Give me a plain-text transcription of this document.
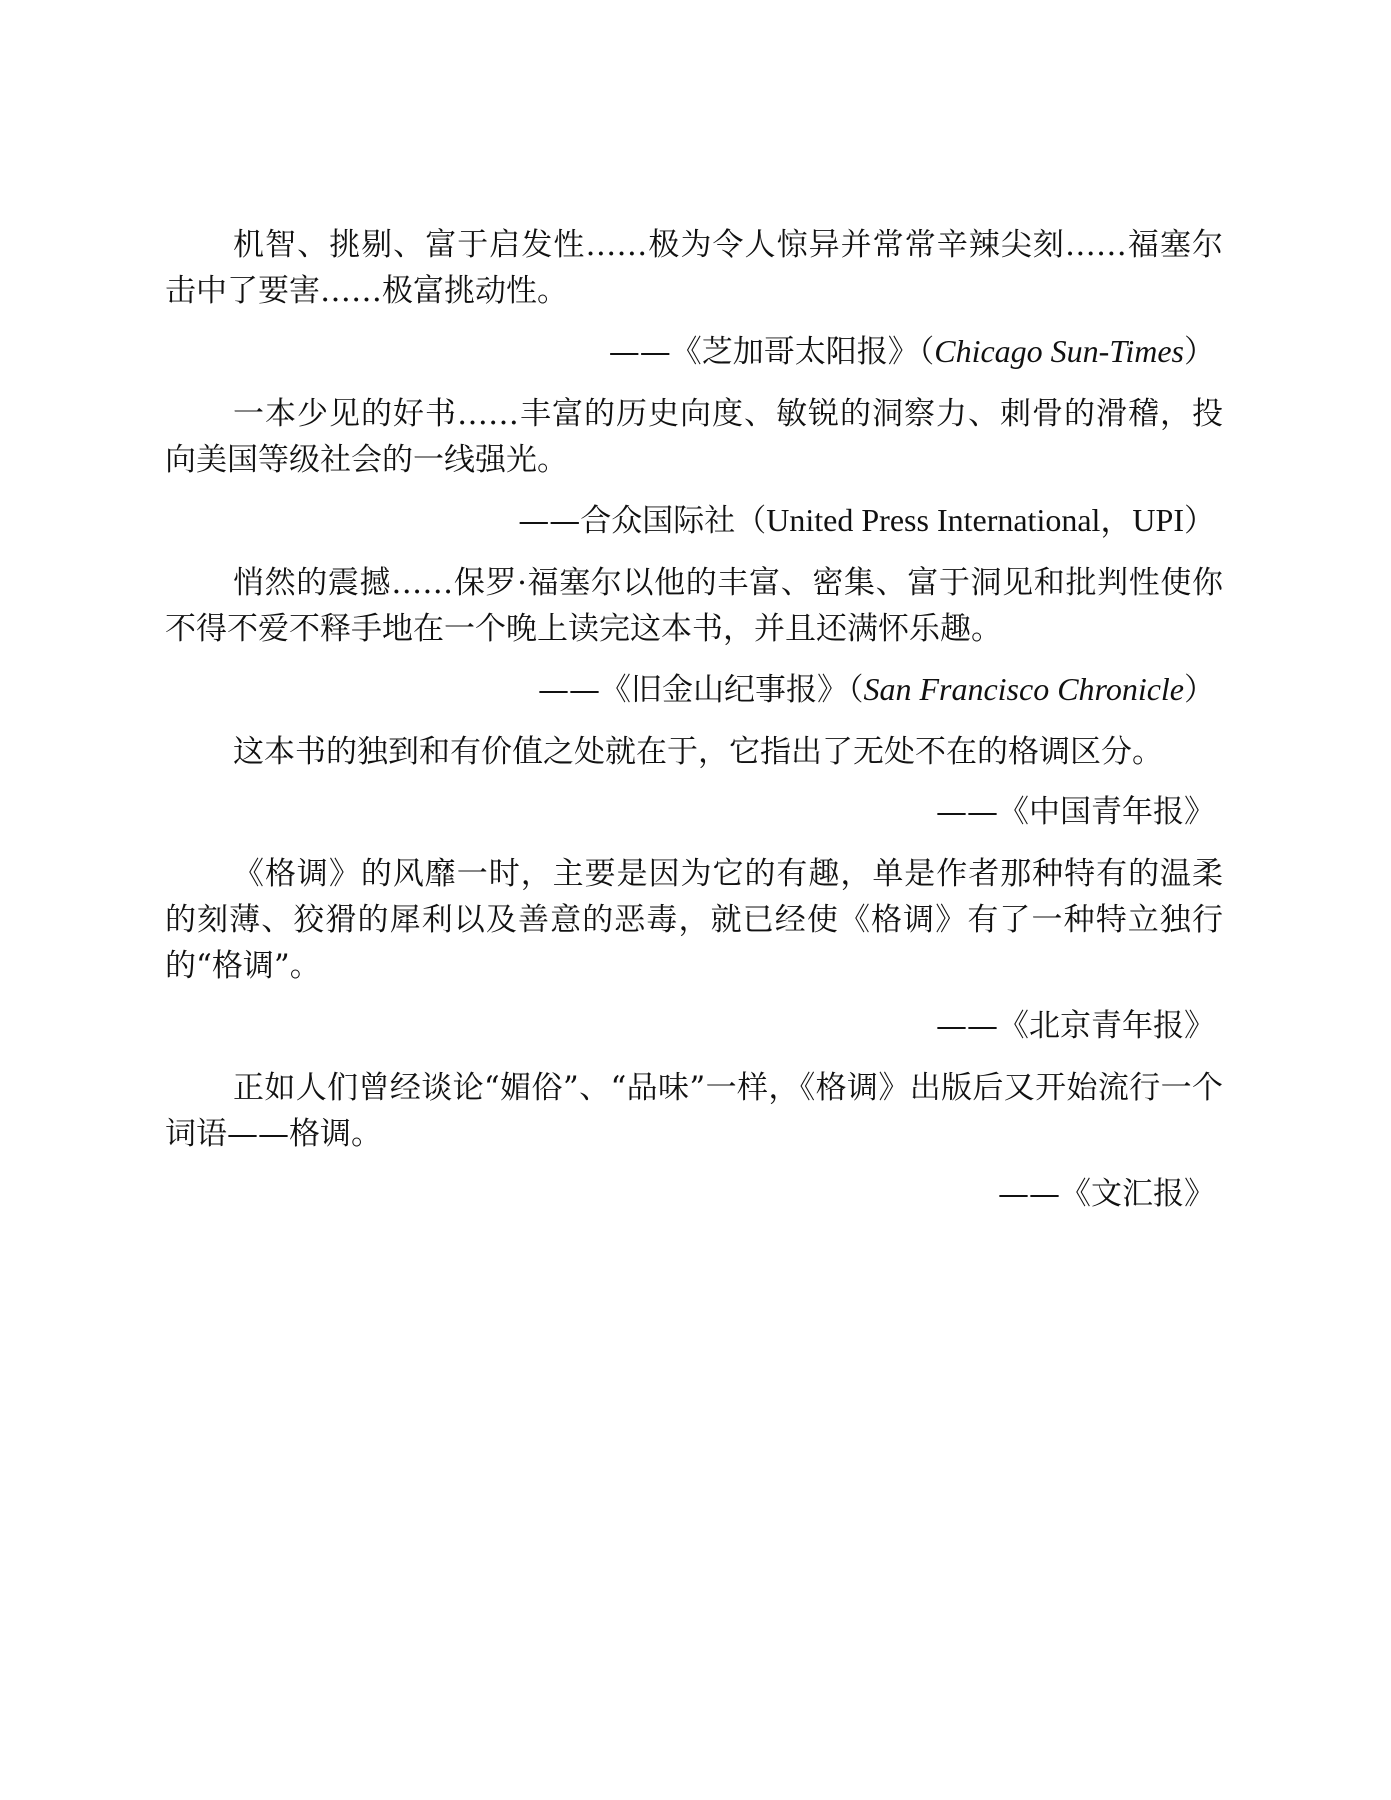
机智、挑剔、富于启发性……极为令人惊异并常常辛辣尖刻……福塞尔击中了要害……极富挑动性。

——《芝加哥太阳报》（Chicago Sun-Times）

一本少见的好书……丰富的历史向度、敏锐的洞察力、刺骨的滑稽，投向美国等级社会的一线强光。

——合众国际社（United Press International，UPI）

悄然的震撼……保罗·福塞尔以他的丰富、密集、富于洞见和批判性使你不得不爱不释手地在一个晚上读完这本书，并且还满怀乐趣。

——《旧金山纪事报》（San Francisco Chronicle）

这本书的独到和有价值之处就在于，它指出了无处不在的格调区分。

——《中国青年报》

《格调》的风靡一时，主要是因为它的有趣，单是作者那种特有的温柔的刻薄、狡猾的犀利以及善意的恶毒，就已经使《格调》有了一种特立独行的“格调”。

——《北京青年报》

正如人们曾经谈论“媚俗”、“品味”一样，《格调》出版后又开始流行一个词语——格调。

——《文汇报》
